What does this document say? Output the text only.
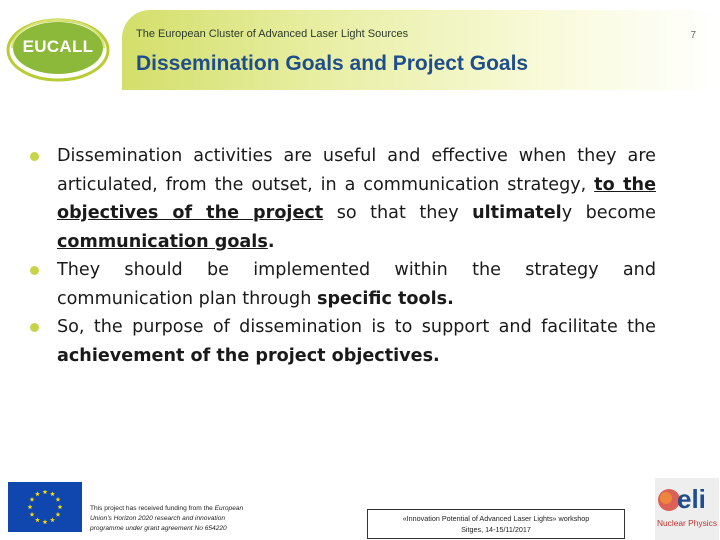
EUCALL
The European Cluster of Advanced Laser Light Sources
Dissemination Goals and Project Goals
7

Dissemination activities are useful and effective when they are articulated, from the outset, in a communication strategy, to the objectives of the project so that they ultimately become communication goals.

They should be implemented within the strategy and communication plan through specific tools.

So, the purpose of dissemination is to support and facilitate the achievement of the project objectives.

This project has received funding from the European
Union's Horizon 2020 research and innovation
programme under grant agreement No 654220
«Innovation Potential of Advanced Laser Lights» workshop
Sitges, 14-15/11/2017
eli
Nuclear Physics
